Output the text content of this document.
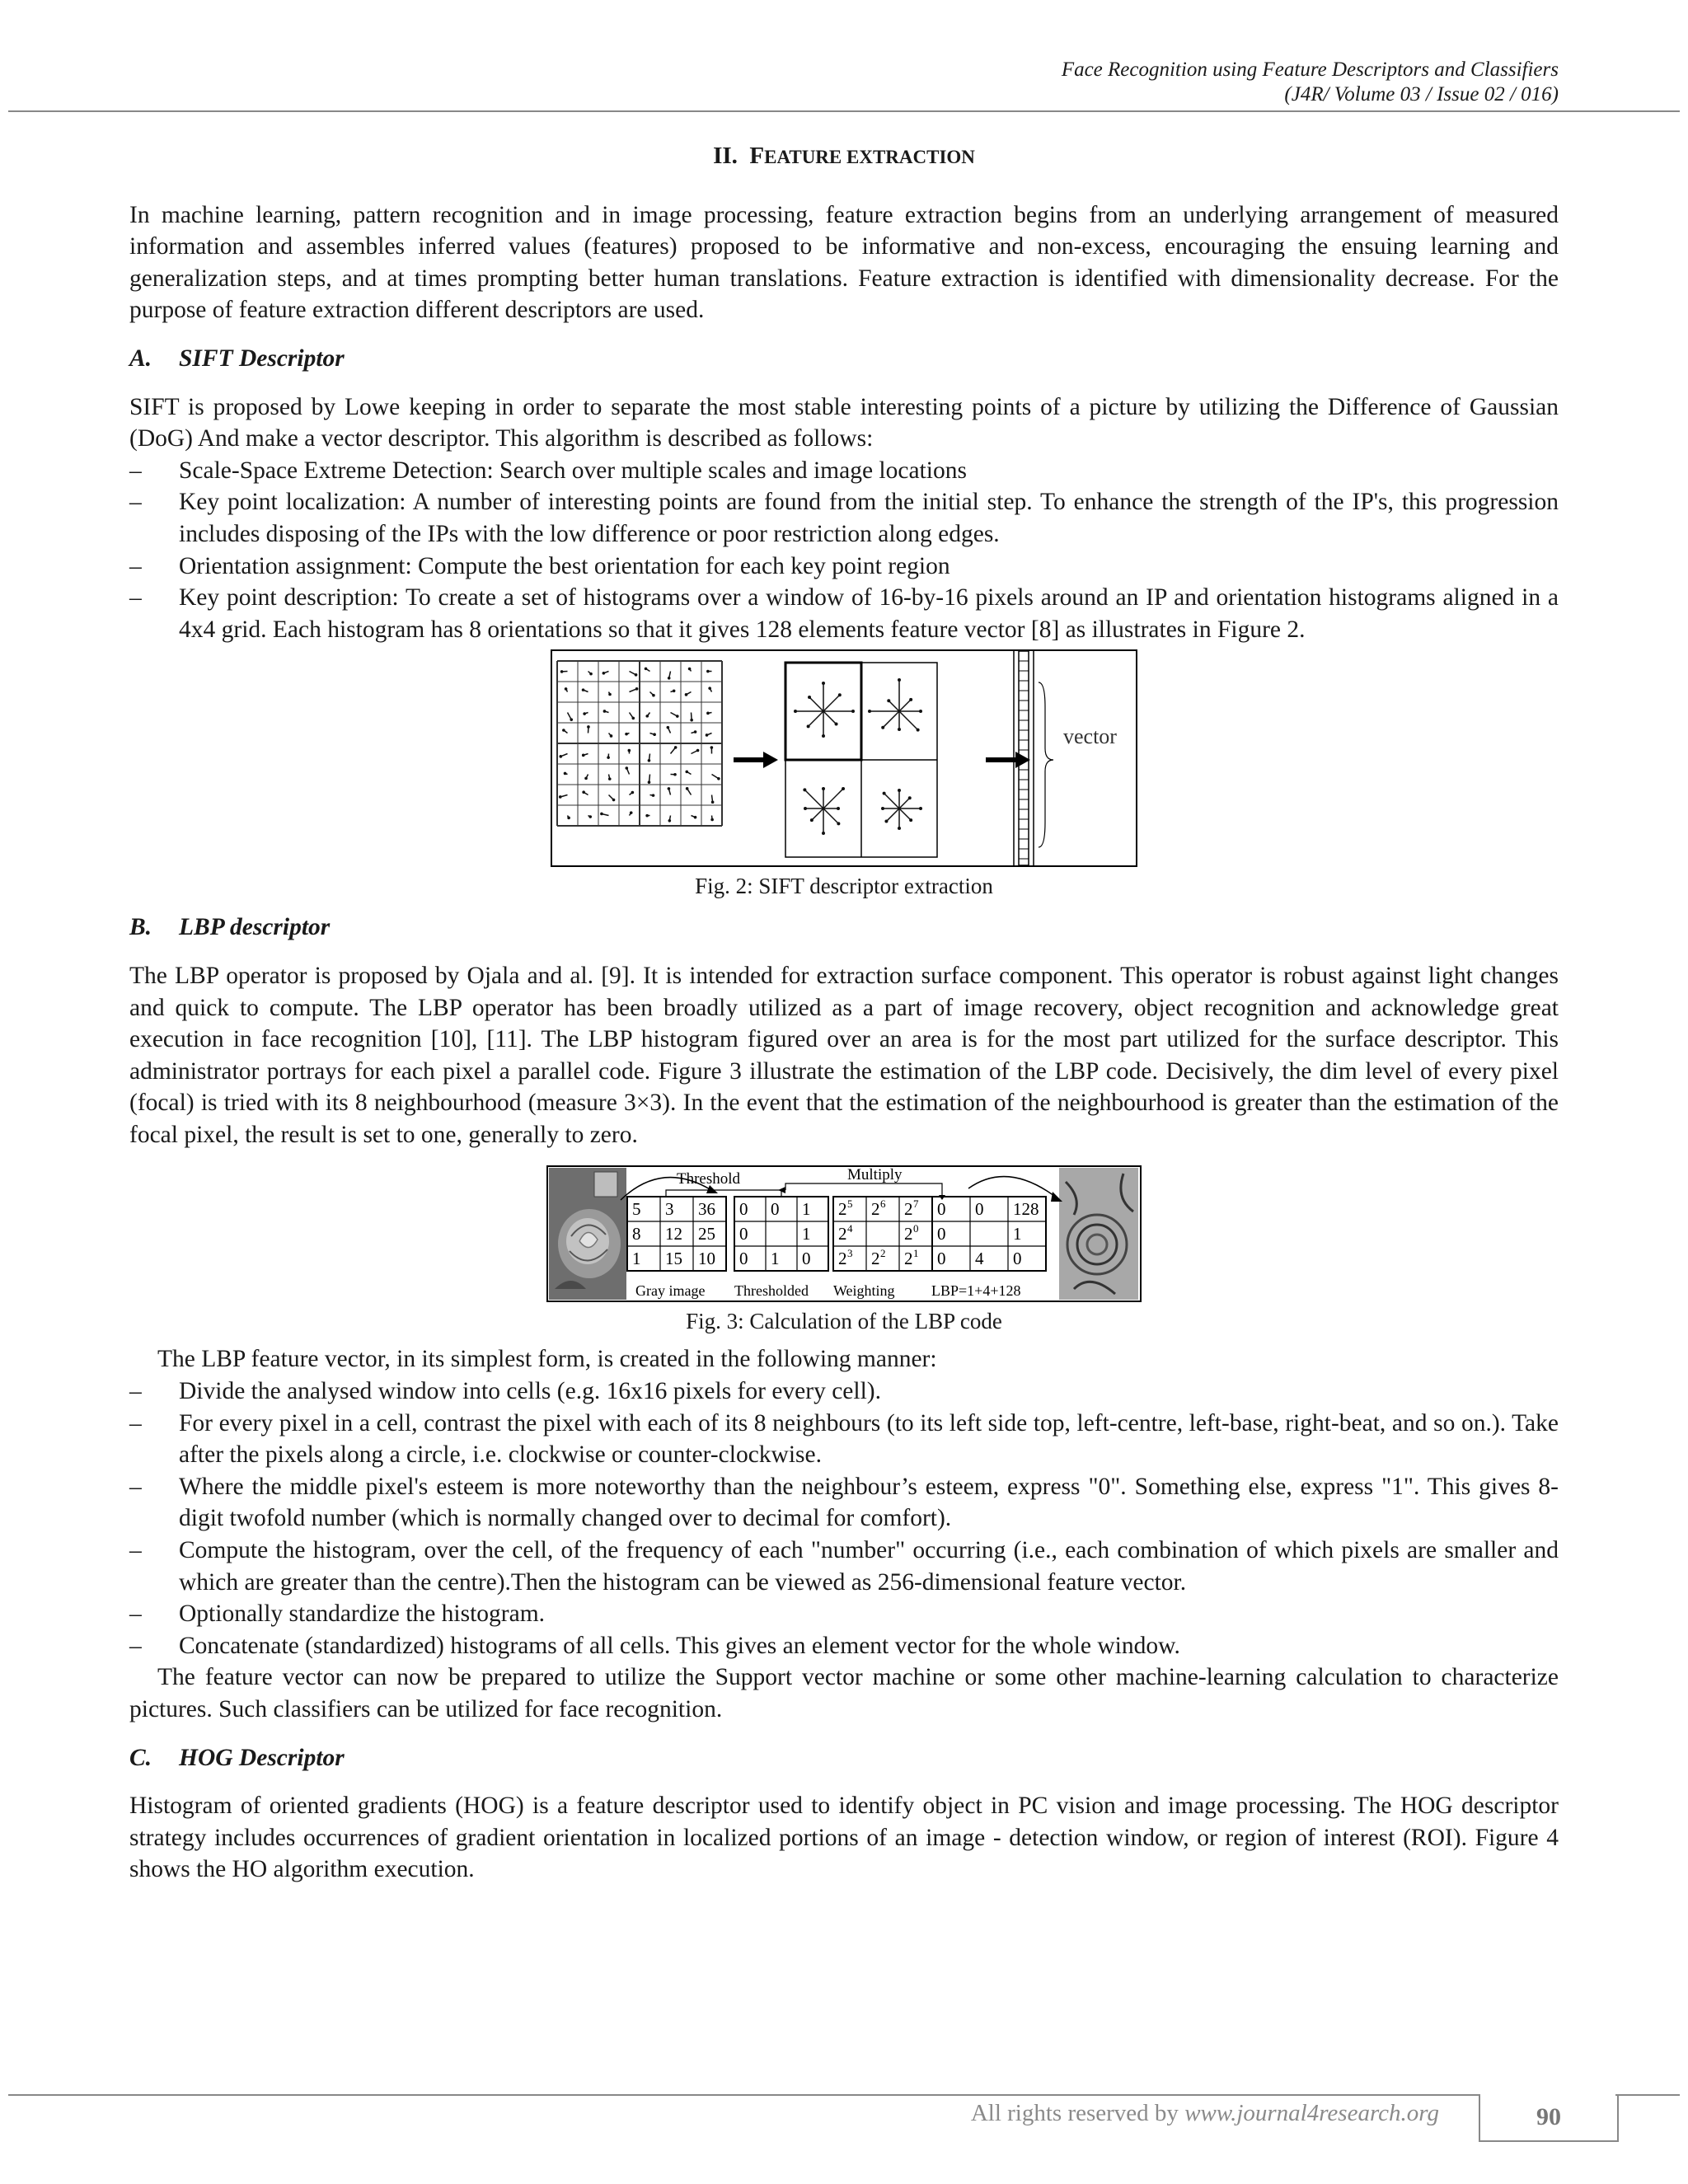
Face Recognition using Feature Descriptors and Classifiers
(J4R/ Volume 03 / Issue 02 / 016)
II. FEATURE EXTRACTION

In machine learning, pattern recognition and in image processing, feature extraction begins from an underlying arrangement of measured information and assembles inferred values (features) proposed to be informative and non-excess, encouraging the ensuing learning and generalization steps, and at times prompting better human translations. Feature extraction is identified with dimensionality decrease. For the purpose of feature extraction different descriptors are used.

A. SIFT Descriptor

SIFT is proposed by Lowe keeping in order to separate the most stable interesting points of a picture by utilizing the Difference of Gaussian (DoG) And make a vector descriptor. This algorithm is described as follows:

– Scale-Space Extreme Detection: Search over multiple scales and image locations
– Key point localization: A number of interesting points are found from the initial step. To enhance the strength of the IP's, this progression includes disposing of the IPs with the low difference or poor restriction along edges.
– Orientation assignment: Compute the best orientation for each key point region
– Key point description: To create a set of histograms over a window of 16-by-16 pixels around an IP and orientation histograms aligned in a 4x4 grid. Each histogram has 8 orientations so that it gives 128 elements feature vector [8] as illustrates in Figure 2.
vector
Fig. 2: SIFT descriptor extraction
B. LBP descriptor

The LBP operator is proposed by Ojala and al. [9]. It is intended for extraction surface component. This operator is robust against light changes and quick to compute. The LBP operator has been broadly utilized as a part of image recovery, object recognition and acknowledge great execution in face recognition [10], [11]. The LBP histogram figured over an area is for the most part utilized for the surface descriptor. This administrator portrays for each pixel a parallel code. Figure 3 illustrate the estimation of the LBP code. Decisively, the dim level of every pixel (focal) is tried with its 8 neighbourhood (measure 3×3). In the event that the estimation of the neighbourhood is greater than the estimation of the focal pixel, the result is set to one, generally to zero.

Threshold	Multiply
5 3 36
8 12 25
1 15 10
0 0 1
0	1
0 1 0
2 5 2 6 2 7
2 4	2 0
2 3 2 2 2 1
0 0 128
0	1
0 4 0
Gray image Thresholded Weighting LBP=1+4+128
Fig. 3: Calculation of the LBP code

The LBP feature vector, in its simplest form, is created in the following manner:

– Divide the analysed window into cells (e.g. 16x16 pixels for every cell).
– For every pixel in a cell, contrast the pixel with each of its 8 neighbours (to its left side top, left-centre, left-base, right-beat, and so on.). Take after the pixels along a circle, i.e. clockwise or counter-clockwise.
– Where the middle pixel's esteem is more noteworthy than the neighbour’s esteem, express "0". Something else, express "1". This gives 8-digit twofold number (which is normally changed over to decimal for comfort).
– Compute the histogram, over the cell, of the frequency of each "number" occurring (i.e., each combination of which pixels are smaller and which are greater than the centre).Then the histogram can be viewed as 256-dimensional feature vector.
– Optionally standardize the histogram.
– Concatenate (standardized) histograms of all cells. This gives an element vector for the whole window.

The feature vector can now be prepared to utilize the Support vector machine or some other machine-learning calculation to characterize pictures. Such classifiers can be utilized for face recognition.

C. HOG Descriptor

Histogram of oriented gradients (HOG) is a feature descriptor used to identify object in PC vision and image processing. The HOG descriptor strategy includes occurrences of gradient orientation in localized portions of an image - detection window, or region of interest (ROI). Figure 4 shows the HO algorithm execution.

All rights reserved by www.journal4research.org	90
